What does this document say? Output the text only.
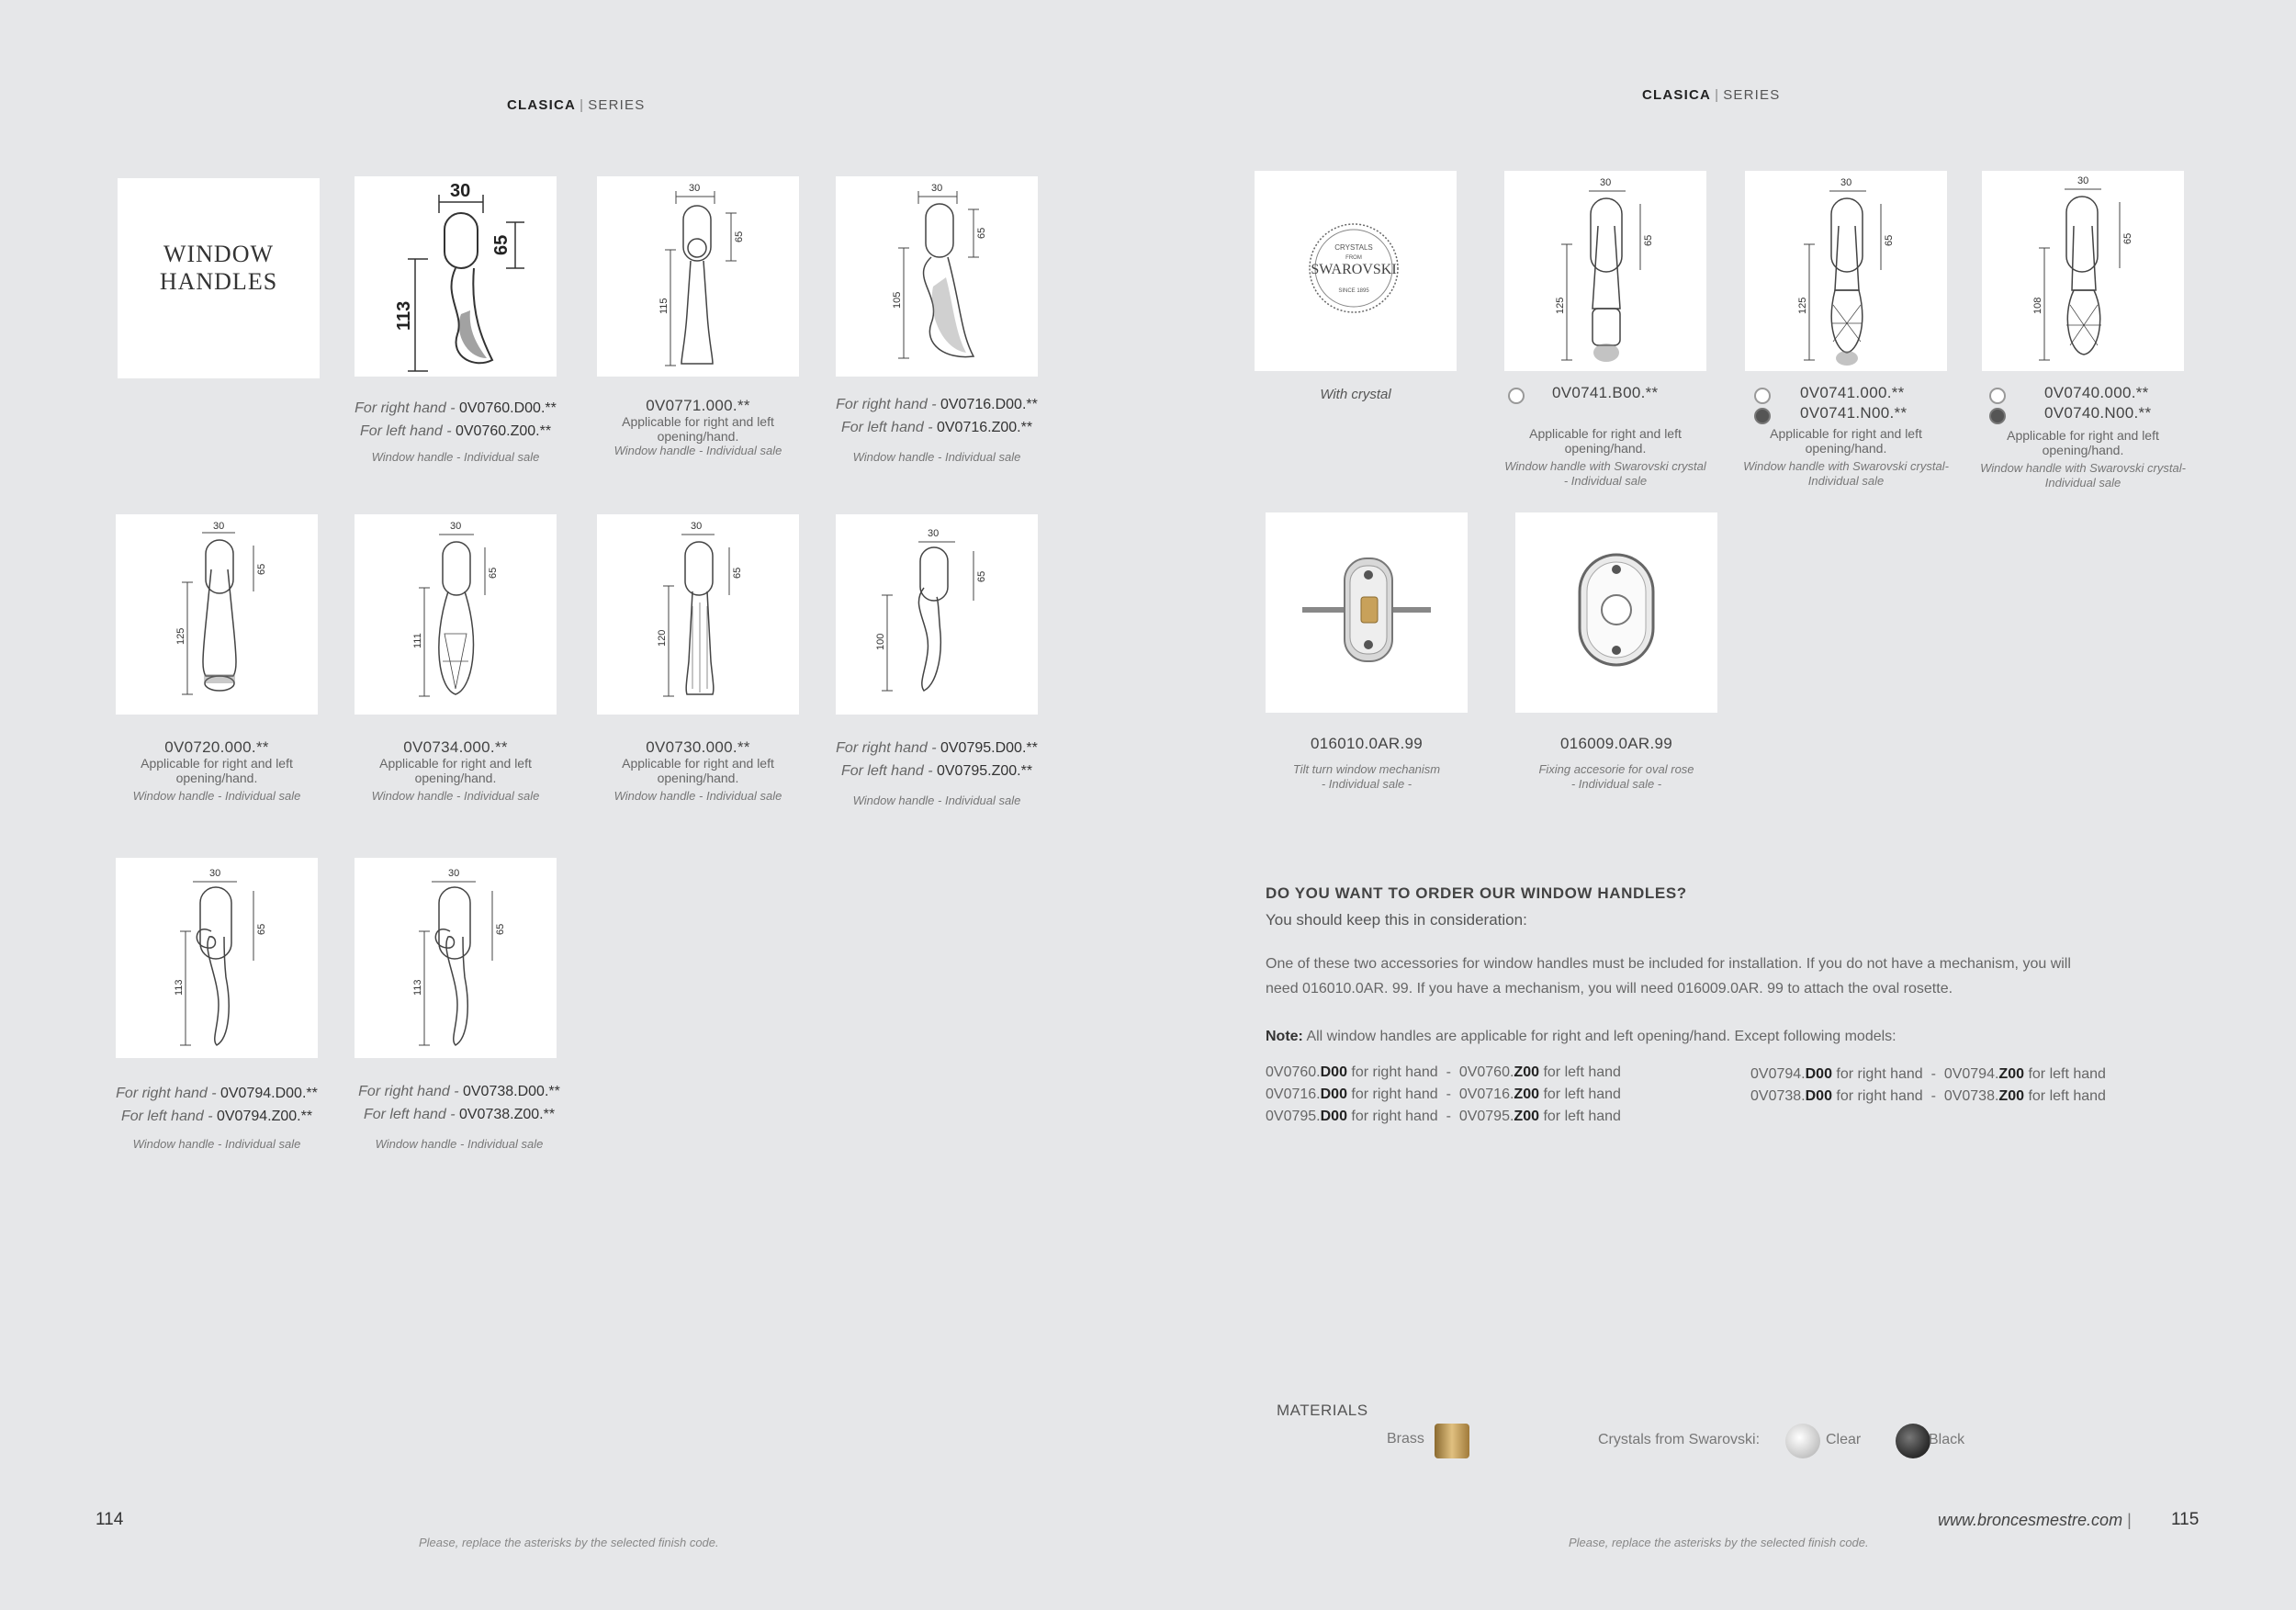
CLASICA | SERIES
WINDOW
HANDLES
30
65
113
30
65
115
30
65
105
For right hand - 0V0760.D00.**
For left hand - 0V0760.Z00.**
Window handle - Individual sale
0V0771.000.**
Applicable for right and left
opening/hand.
Window handle - Individual sale
For right hand - 0V0716.D00.**
For left hand - 0V0716.Z00.**
Window handle - Individual sale
30
65
125
30
65
111
30
65
120
30
65
100
0V0720.000.**
Applicable for right and left
opening/hand.
Window handle - Individual sale
0V0734.000.**
Applicable for right and left
opening/hand.
Window handle - Individual sale
0V0730.000.**
Applicable for right and left
opening/hand.
Window handle - Individual sale
For right hand - 0V0795.D00.**
For left hand - 0V0795.Z00.**
Window handle - Individual sale
30
65
113
30
65
113
For right hand - 0V0794.D00.**
For left hand - 0V0794.Z00.**
Window handle - Individual sale
For right hand - 0V0738.D00.**
For left hand - 0V0738.Z00.**
Window handle - Individual sale
114
Please, replace the asterisks by the selected finish code.
CLASICA | SERIES
CRYSTALS
FROM
SWAROVSKI
SINCE 1895
With crystal
30
65
125
30
65
125
30
65
108
0V0741.B00.**
Applicable for right and left
opening/hand.
Window handle with Swarovski crystal
- Individual sale
0V0741.000.**
0V0741.N00.**
Applicable for right and left
opening/hand.
Window handle with Swarovski crystal-
Individual sale
0V0740.000.**
0V0740.N00.**
Applicable for right and left
opening/hand.
Window handle with Swarovski crystal-
Individual sale
016010.0AR.99
Tilt turn window mechanism
- Individual sale -
016009.0AR.99
Fixing accesorie for oval rose
- Individual sale -
DO YOU WANT TO ORDER OUR WINDOW HANDLES?
You should keep this in consideration:
One of these two accessories for window handles must be included for installation. If you do not have a mechanism, you will
need 016010.0AR. 99. If you have a mechanism, you will need 016009.0AR. 99 to attach the oval rosette.
Note: All window handles are applicable for right and left opening/hand. Except following models:
0V0760.D00 for right hand  -  0V0760.Z00 for left hand
0V0716.D00 for right hand  -  0V0716.Z00 for left hand
0V0795.D00 for right hand  -  0V0795.Z00 for left hand
0V0794.D00 for right hand  -  0V0794.Z00 for left hand
0V0738.D00 for right hand  -  0V0738.Z00 for left hand
MATERIALS
Brass	Crystals from Swarovski:	Clear	Black
www.broncesmestre.com | 115
Please, replace the asterisks by the selected finish code.
